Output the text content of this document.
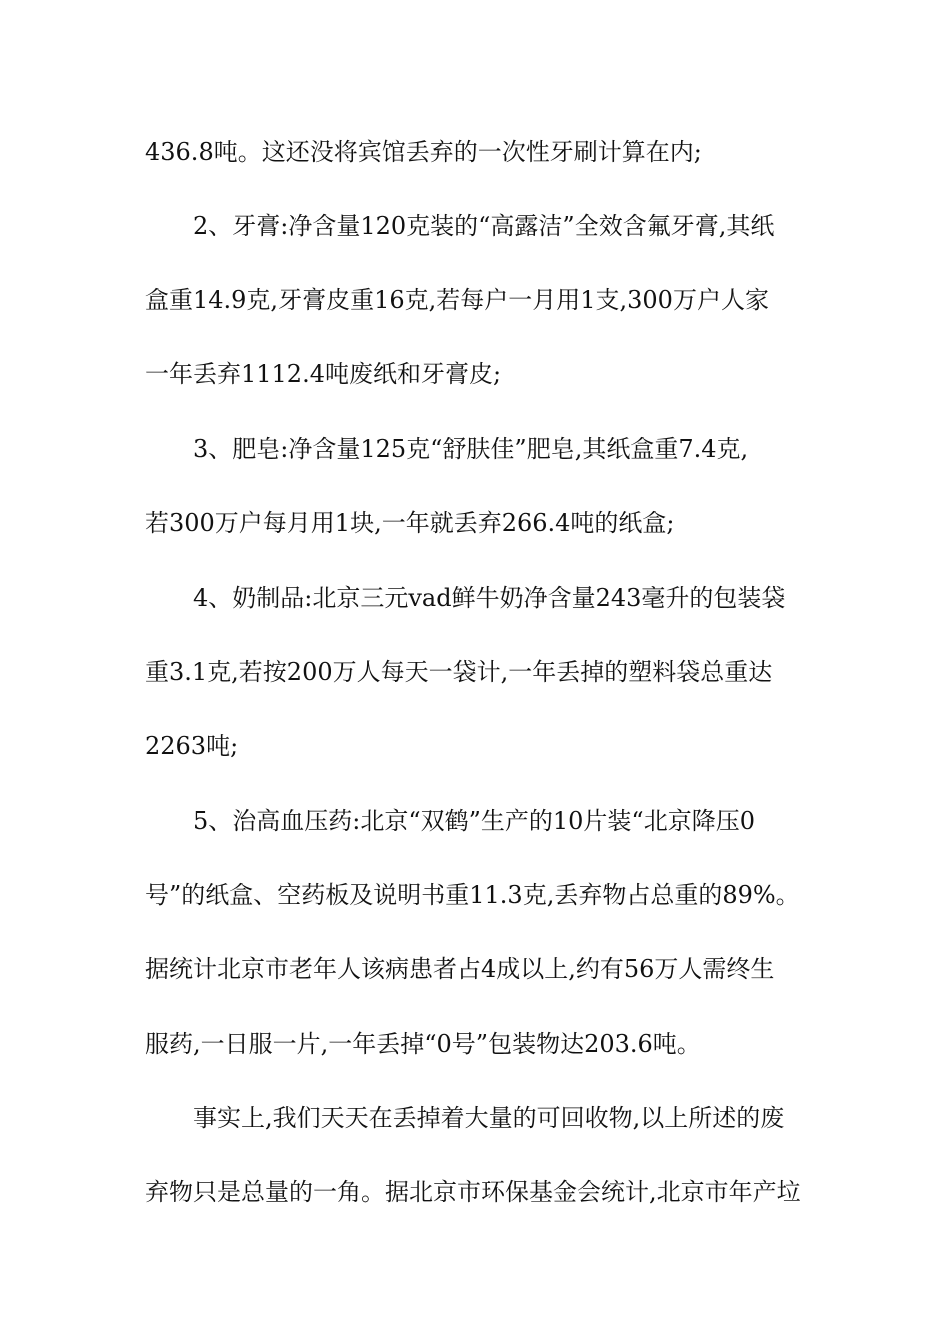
436.8吨。这还没将宾馆丢弃的一次性牙刷计算在内;
　　2、牙膏:净含量120克装的“高露洁”全效含氟牙膏,其纸
盒重14.9克,牙膏皮重16克,若每户一月用1支,300万户人家
一年丢弃1112.4吨废纸和牙膏皮;
　　3、肥皂:净含量125克“舒肤佳”肥皂,其纸盒重7.4克,
若300万户每月用1块,一年就丢弃266.4吨的纸盒;
　　4、奶制品:北京三元vad鲜牛奶净含量243毫升的包装袋
重3.1克,若按200万人每天一袋计,一年丢掉的塑料袋总重达
2263吨;
　　5、治高血压药:北京“双鹤”生产的10片装“北京降压0
号”的纸盒、空药板及说明书重11.3克,丢弃物占总重的89%。
据统计北京市老年人该病患者占4成以上,约有56万人需终生
服药,一日服一片,一年丢掉“0号”包装物达203.6吨。
　　事实上,我们天天在丢掉着大量的可回收物,以上所述的废
弃物只是总量的一角。据北京市环保基金会统计,北京市年产垃
